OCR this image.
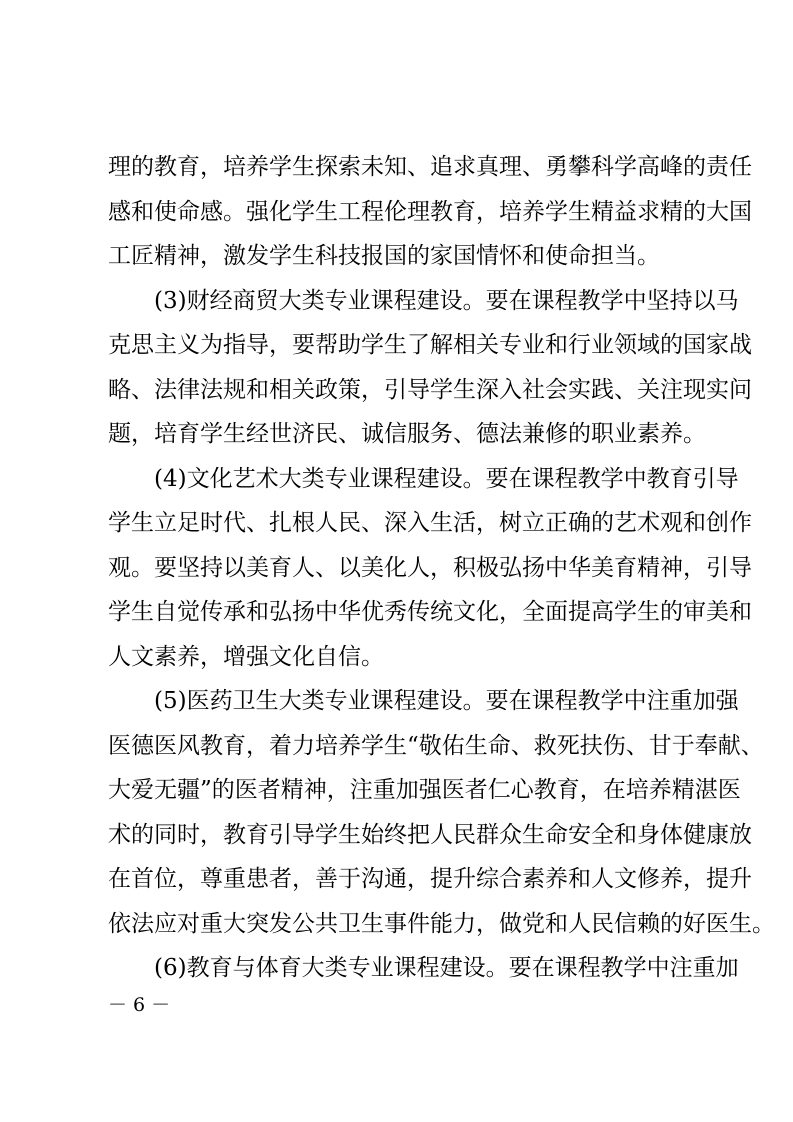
理的教育，培养学生探索未知、追求真理、勇攀科学高峰的责任
感和使命感。强化学生工程伦理教育，培养学生精益求精的大国
工匠精神，激发学生科技报国的家国情怀和使命担当。
(3)财经商贸大类专业课程建设。要在课程教学中坚持以马
克思主义为指导，要帮助学生了解相关专业和行业领域的国家战
略、法律法规和相关政策，引导学生深入社会实践、关注现实问
题，培育学生经世济民、诚信服务、德法兼修的职业素养。
(4)文化艺术大类专业课程建设。要在课程教学中教育引导
学生立足时代、扎根人民、深入生活，树立正确的艺术观和创作
观。要坚持以美育人、以美化人，积极弘扬中华美育精神，引导
学生自觉传承和弘扬中华优秀传统文化，全面提高学生的审美和
人文素养，增强文化自信。
(5)医药卫生大类专业课程建设。要在课程教学中注重加强
医德医风教育，着力培养学生“敬佑生命、救死扶伤、甘于奉献、
大爱无疆”的医者精神，注重加强医者仁心教育，在培养精湛医
术的同时，教育引导学生始终把人民群众生命安全和身体健康放
在首位，尊重患者，善于沟通，提升综合素养和人文修养，提升
依法应对重大突发公共卫生事件能力，做党和人民信赖的好医生。
(6)教育与体育大类专业课程建设。要在课程教学中注重加
－ 6 －
